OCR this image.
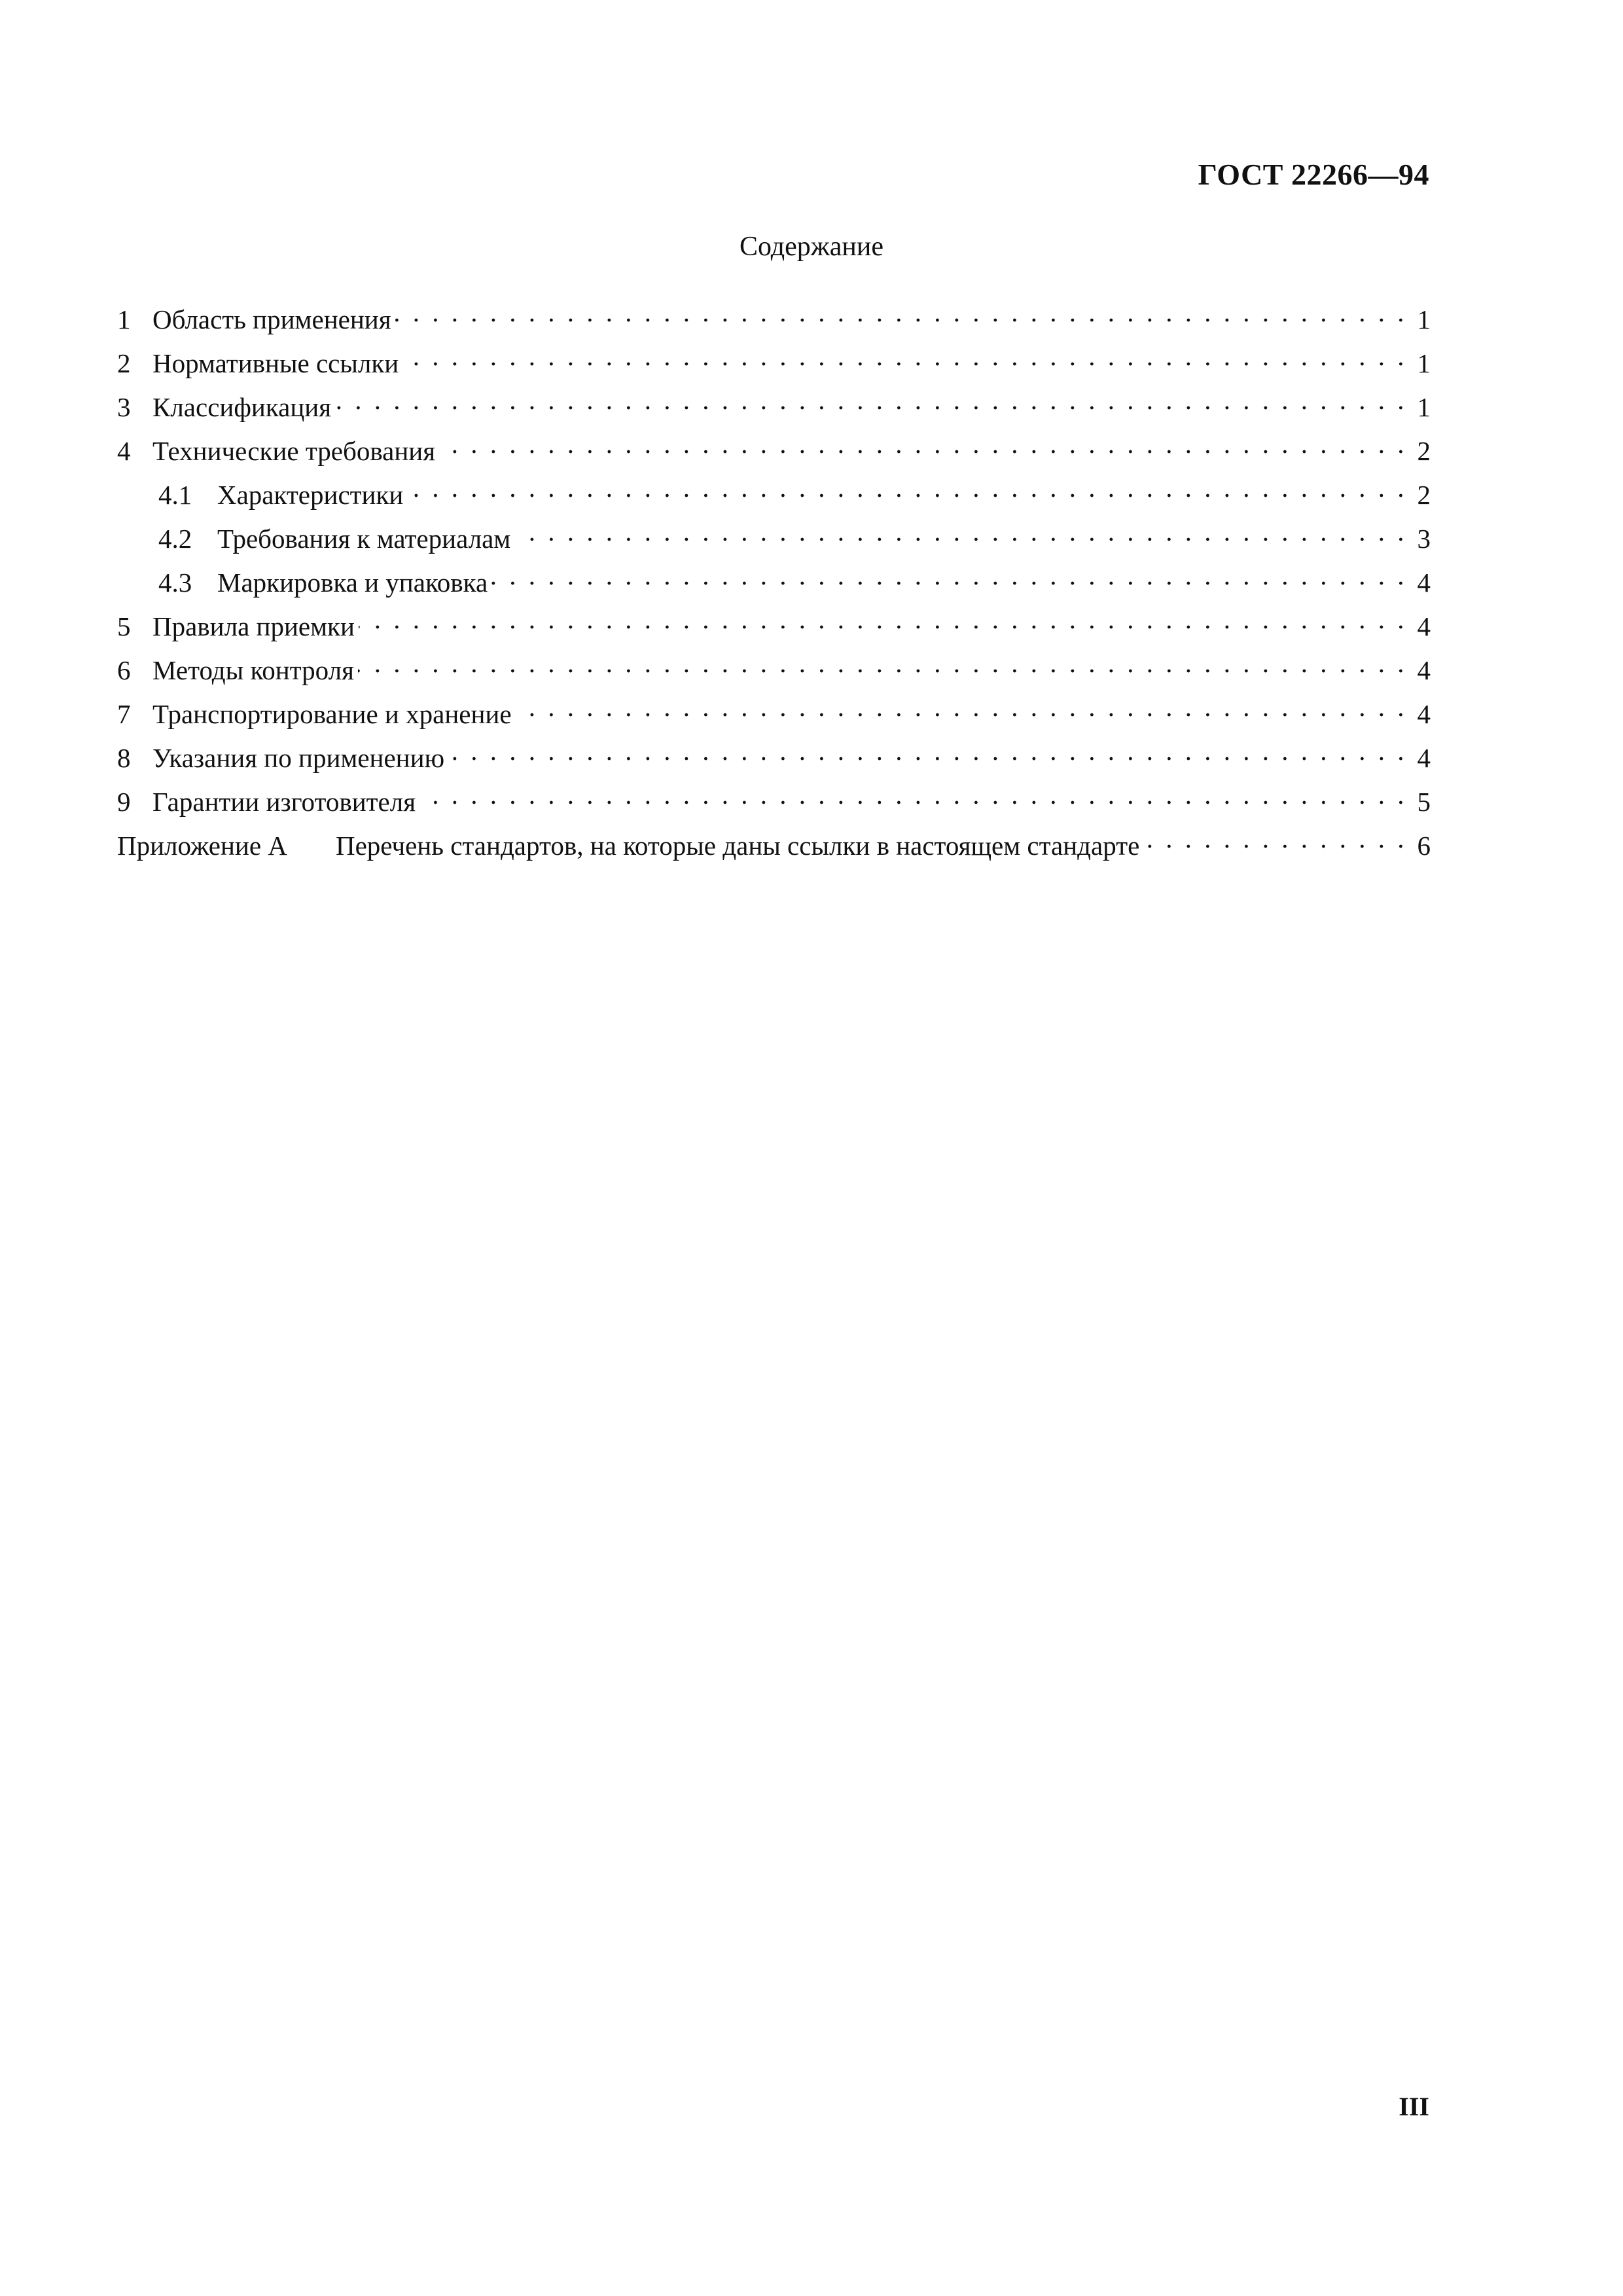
ГОСТ 22266—94
Содержание
1 Область применения . . .	1
2 Нормативные ссылки . . .	1
3 Классификация . . .	1
4 Технические требования . . .	2
4.1 Характеристики . . .	2
4.2 Требования к материалам . . .	3
4.3 Маркировка и упаковка . . .	4
5 Правила приемки . . .	4
6 Методы контроля . . .	4
7 Транспортирование и хранение . . .	4
8 Указания по применению . . .	4
9 Гарантии изготовителя . . .	5
Приложение А	Перечень стандартов, на которые даны ссылки в настоящем стандарте . . .	6
III
